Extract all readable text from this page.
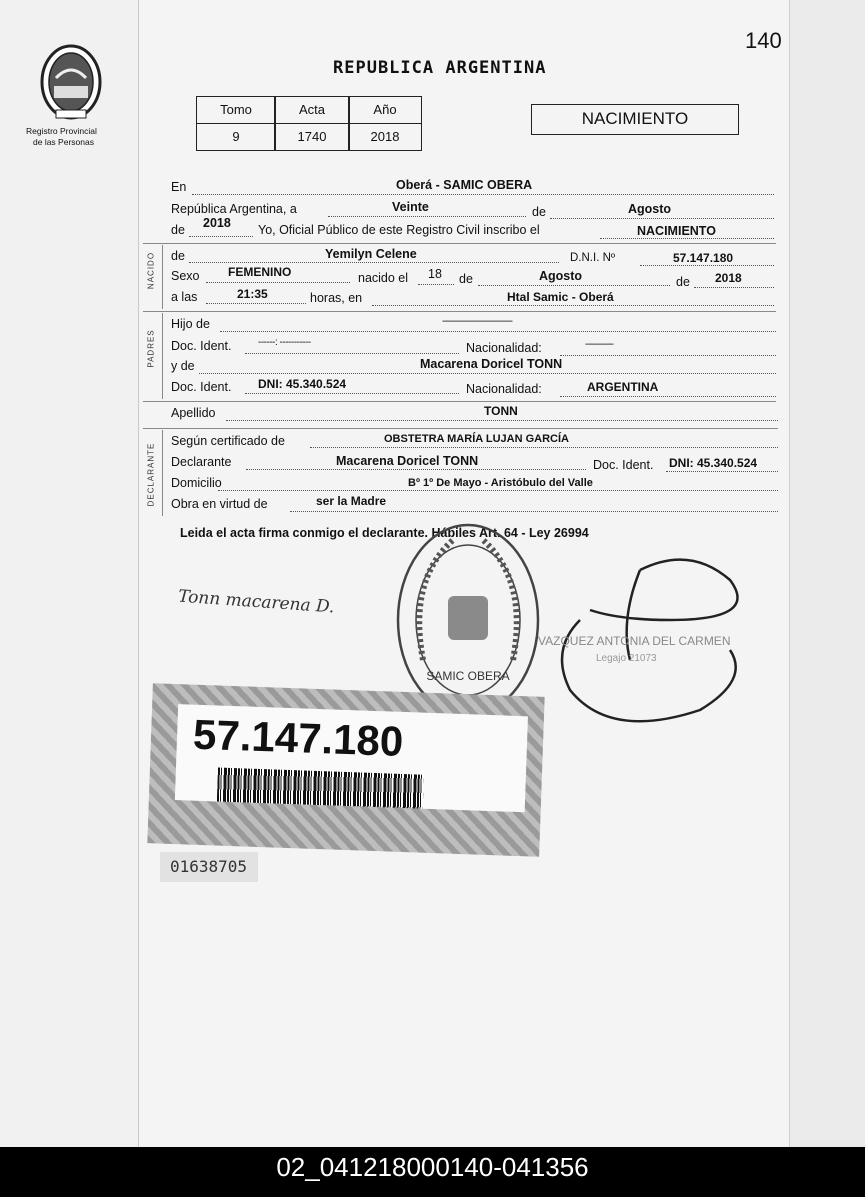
Registro Provincial
de las Personas
140
REPUBLICA ARGENTINA
Tomo	Acta	Año
9	1740	2018
NACIMIENTO
En	Oberá - SAMIC OBERA
República Argentina, a	Veinte	de	Agosto
de 2018 Yo, Oficial Público de este Registro Civil inscribo el	NACIMIENTO
NACIDO de	Yemilyn Celene	D.N.I. Nº	57.147.180
Sexo FEMENINO	nacido el 18 de	Agosto	de 2018
a las	21:35	horas, en	Htal Samic - Oberá
PADRES
Hijo de	------------------------------
Doc. Ident.	------: -----------	Nacionalidad:	------------
y de	Macarena Doricel TONN
Doc. Ident. DNI: 45.340.524	Nacionalidad:	ARGENTINA
Apellido	TONN
DECLARANTE
Según certificado de	OBSTETRA MARÍA LUJAN GARCÍA
Declarante	Macarena Doricel TONN	Doc. Ident. DNI: 45.340.524
Domicilio	Bº 1º De Mayo - Aristóbulo del Valle
Obra en virtud de	ser la Madre
Leida el acta firma conmigo el declarante. Hábiles Art. 64 - Ley 26994
Tonn macarena D.
SAMIC OBERA
VAZQUEZ ANTONIA DEL CARMEN
Legajo 21073
57.147.180
01638705
02_041218000140-041356
